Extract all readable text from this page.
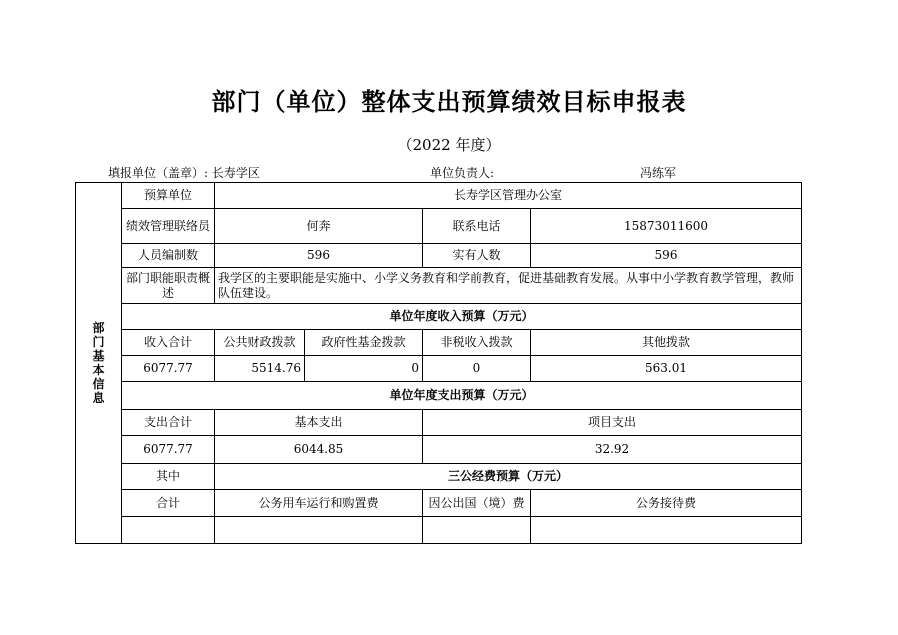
部门（单位）整体支出预算绩效目标申报表
（2022 年度）
填报单位（盖章）: 长寿学区	单位负责人:	冯练军
部门基本信息	预算单位	长寿学区管理办公室			
	绩效管理联络员	何奔		联系电话	15873011600
	人员编制数	596		实有人数	596
	部门职能职责概述	我学区的主要职能是实施中、小学义务教育和学前教育，促进基础教育发展。从事中小学教育教学管理，教师队伍建设。			
	单位年度收入预算（万元）				
	收入合计	公共财政拨款	政府性基金拨款	非税收入拨款	其他拨款
	6077.77	5514.76	0	0	563.01
	单位年度支出预算（万元）				
	支出合计	基本支出		项目支出	
	6077.77	6044.85		32.92	
	其中	三公经费预算（万元）			
	合计	公务用车运行和购置费		因公出国（境）费	公务接待费
